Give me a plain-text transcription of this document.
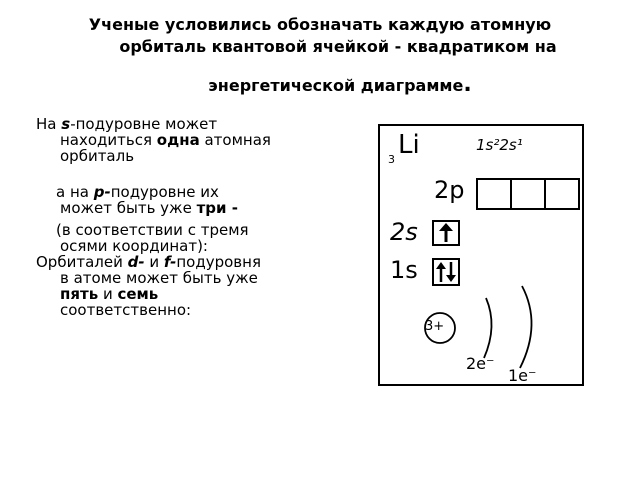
Ученые условились обозначать каждую атомную
орбиталь квантовой ячейкой - квадратиком на
энергетической диаграмме.
На s-подуровне может
находиться одна атомная
орбиталь
а на p-подуровне их
может быть уже три -
(в соответствии с тремя
осями координат):
Орбиталей d- и f-подуровня
в атоме может быть уже
пять и семь
соответственно:
3 Li	1s²2s¹
2p
2s
1s
3+
2e⁻
1e⁻
